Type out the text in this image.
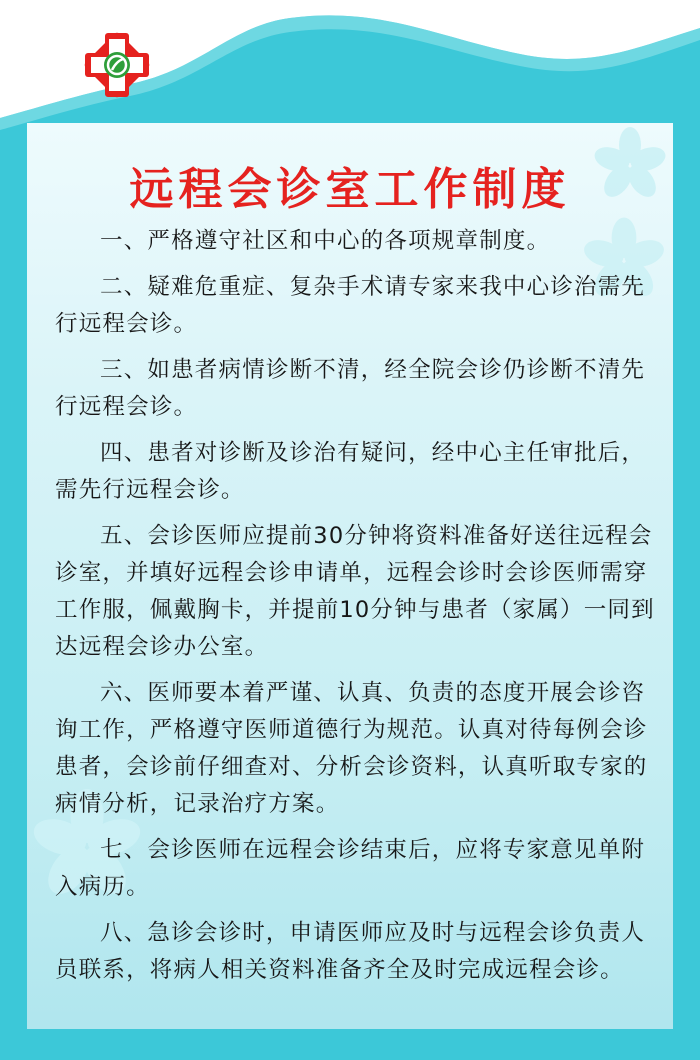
远程会诊室工作制度

一、严格遵守社区和中心的各项规章制度。

二、疑难危重症、复杂手术请专家来我中心诊治需先行远程会诊。

三、如患者病情诊断不清，经全院会诊仍诊断不清先行远程会诊。

四、患者对诊断及诊治有疑问，经中心主任审批后，需先行远程会诊。

五、会诊医师应提前30分钟将资料准备好送往远程会诊室，并填好远程会诊申请单，远程会诊时会诊医师需穿工作服，佩戴胸卡，并提前10分钟与患者（家属）一同到达远程会诊办公室。

六、医师要本着严谨、认真、负责的态度开展会诊咨询工作，严格遵守医师道德行为规范。认真对待每例会诊患者，会诊前仔细查对、分析会诊资料，认真听取专家的病情分析，记录治疗方案。

七、会诊医师在远程会诊结束后，应将专家意见单附入病历。

八、急诊会诊时，申请医师应及时与远程会诊负责人员联系，将病人相关资料准备齐全及时完成远程会诊。
